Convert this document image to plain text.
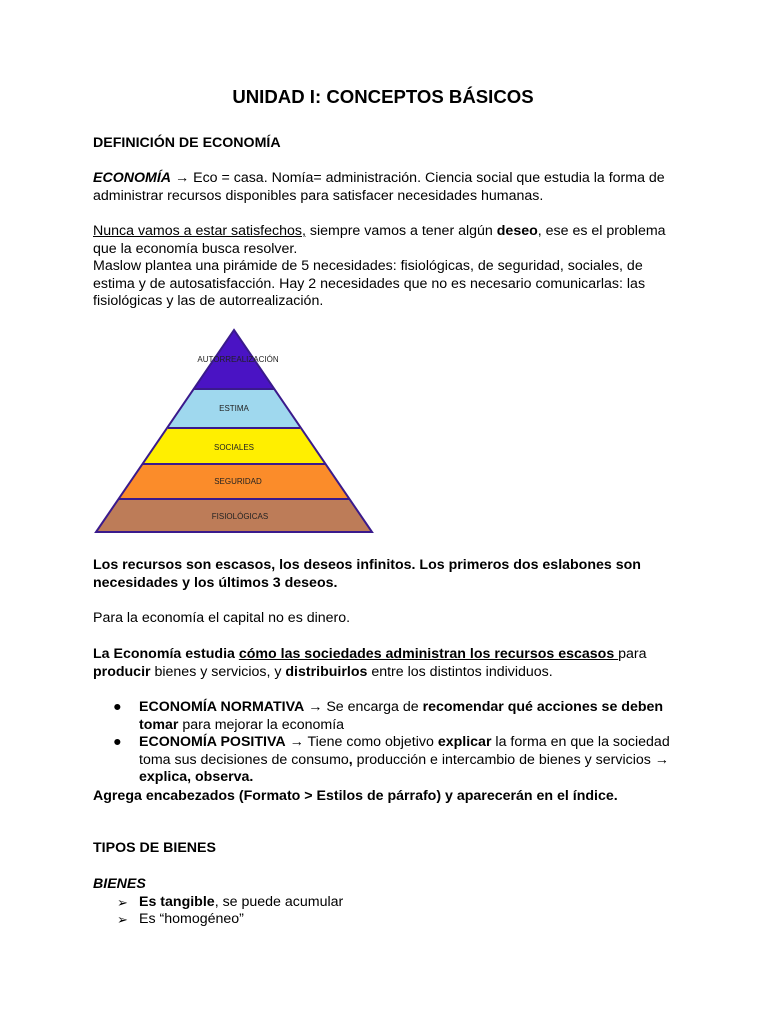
UNIDAD I: CONCEPTOS BÁSICOS
DEFINICIÓN DE ECONOMÍA

ECONOMÍA → Eco = casa. Nomía= administración. Ciencia social que estudia la forma de administrar recursos disponibles para satisfacer necesidades humanas.

Nunca vamos a estar satisfechos, siempre vamos a tener algún deseo, ese es el problema que la economía busca resolver.
Maslow plantea una pirámide de 5 necesidades: fisiológicas, de seguridad, sociales, de estima y de autosatisfacción. Hay 2 necesidades que no es necesario comunicarlas: las fisiológicas y las de autorrealización.

AUTORREALIZACIÓN
ESTIMA
SOCIALES
SEGURIDAD
FISIOLÓGICAS

Los recursos son escasos, los deseos infinitos. Los primeros dos eslabones son necesidades y los últimos 3 deseos.

Para la economía el capital no es dinero.

La Economía estudia cómo las sociedades administran los recursos escasos para producir bienes y servicios, y distribuirlos entre los distintos individuos.

● ECONOMÍA NORMATIVA → Se encarga de recomendar qué acciones se deben tomar para mejorar la economía
● ECONOMÍA POSITIVA → Tiene como objetivo explicar la forma en que la sociedad toma sus decisiones de consumo, producción e intercambio de bienes y servicios → explica, observa.

Agrega encabezados (Formato > Estilos de párrafo) y aparecerán en el índice.

TIPOS DE BIENES
BIENES
➢ Es tangible, se puede acumular
➢ Es “homogéneo”
